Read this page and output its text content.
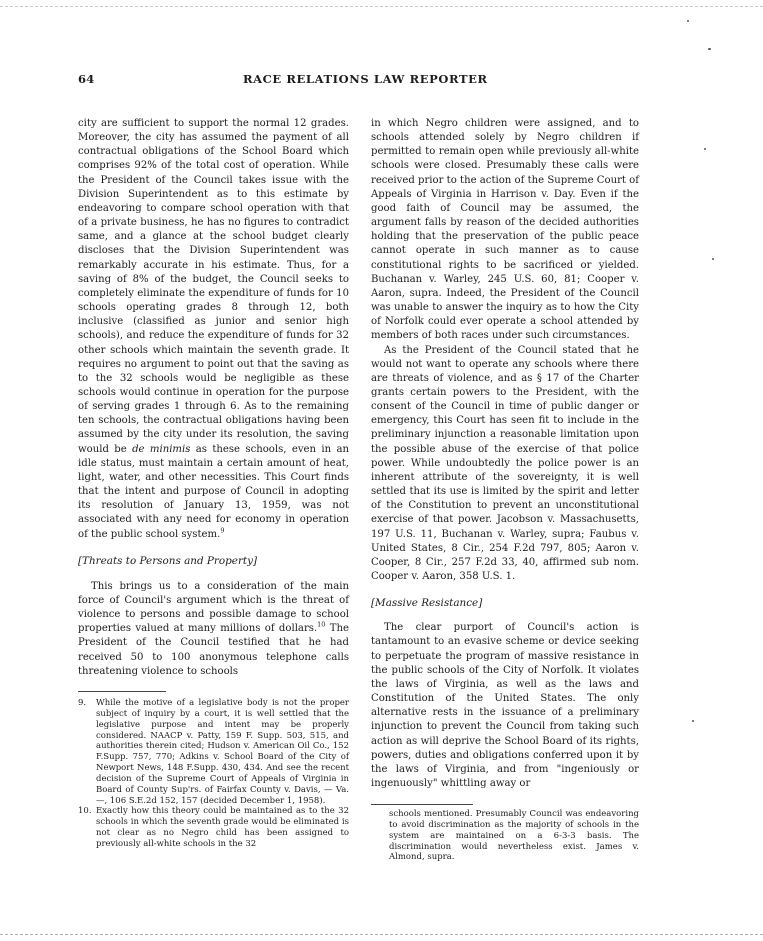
64	RACE RELATIONS LAW REPORTER

city are sufficient to support the normal 12 grades. Moreover, the city has assumed the payment of all contractual obligations of the School Board which comprises 92% of the total cost of operation. While the President of the Council takes issue with the Division Superintendent as to this estimate by endeavoring to compare school operation with that of a private business, he has no figures to contradict same, and a glance at the school budget clearly discloses that the Division Superintendent was remarkably accurate in his estimate. Thus, for a saving of 8% of the budget, the Council seeks to completely eliminate the expenditure of funds for 10 schools operating grades 8 through 12, both inclusive (classified as junior and senior high schools), and reduce the expenditure of funds for 32 other schools which maintain the seventh grade. It requires no argument to point out that the saving as to the 32 schools would be negligible as these schools would continue in operation for the purpose of serving grades 1 through 6. As to the remaining ten schools, the contractual obligations having been assumed by the city under its resolution, the saving would be de minimis as these schools, even in an idle status, must maintain a certain amount of heat, light, water, and other necessities. This Court finds that the intent and purpose of Council in adopting its resolution of January 13, 1959, was not associated with any need for economy in operation of the public school system.$^9$

[Threats to Persons and Property]

This brings us to a consideration of the main force of Council's argument which is the threat of violence to persons and possible damage to school properties valued at many millions of dollars.$^{10}$ The President of the Council testified that he had received 50 to 100 anonymous telephone calls threatening violence to schools

in which Negro children were assigned, and to schools attended solely by Negro children if permitted to remain open while previously all-white schools were closed. Presumably these calls were received prior to the action of the Supreme Court of Appeals of Virginia in Harrison v. Day. Even if the good faith of Council may be assumed, the argument falls by reason of the decided authorities holding that the preservation of the public peace cannot operate in such manner as to cause constitutional rights to be sacrificed or yielded. Buchanan v. Warley, 245 U.S. 60, 81; Cooper v. Aaron, supra. Indeed, the President of the Council was unable to answer the inquiry as to how the City of Norfolk could ever operate a school attended by members of both races under such circumstances.

As the President of the Council stated that he would not want to operate any schools where there are threats of violence, and as § 17 of the Charter grants certain powers to the President, with the consent of the Council in time of public danger or emergency, this Court has seen fit to include in the preliminary injunction a reasonable limitation upon the possible abuse of the exercise of that police power. While undoubtedly the police power is an inherent attribute of the sovereignty, it is well settled that its use is limited by the spirit and letter of the Constitution to prevent an unconstitutional exercise of that power. Jacobson v. Massachusetts, 197 U.S. 11, Buchanan v. Warley, supra; Faubus v. United States, 8 Cir., 254 F.2d 797, 805; Aaron v. Cooper, 8 Cir., 257 F.2d 33, 40, affirmed sub nom. Cooper v. Aaron, 358 U.S. 1.

[Massive Resistance]

The clear purport of Council's action is tantamount to an evasive scheme or device seeking to perpetuate the program of massive resistance in the public schools of the City of Norfolk. It violates the laws of Virginia, as well as the laws and Constitution of the United States. The only alternative rests in the issuance of a preliminary injunction to prevent the Council from taking such action as will deprive the School Board of its rights, powers, duties and obligations conferred upon it by the laws of Virginia, and from "ingeniously or ingenuously" whittling away or

9.	While the motive of a legislative body is not the proper subject of inquiry by a court, it is well settled that the legislative purpose and intent may be properly considered. NAACP v. Patty, 159 F. Supp. 503, 515, and authorities therein cited; Hudson v. American Oil Co., 152 F.Supp. 757, 770; Adkins v. School Board of the City of Newport News, 148 F.Supp. 430, 434. And see the recent decision of the Supreme Court of Appeals of Virginia in Board of County Sup'rs. of Fairfax County v. Davis, — Va. —, 106 S.E.2d 152, 157 (decided December 1, 1958).
10. Exactly how this theory could be maintained as to the 32 schools in which the seventh grade would be eliminated is not clear as no Negro child has been assigned to previously all-white schools in the 32
schools mentioned. Presumably Council was endeavoring to avoid discrimination as the majority of schools in the system are maintained on a 6-3-3 basis. The discrimination would nevertheless exist. James v. Almond, supra.
